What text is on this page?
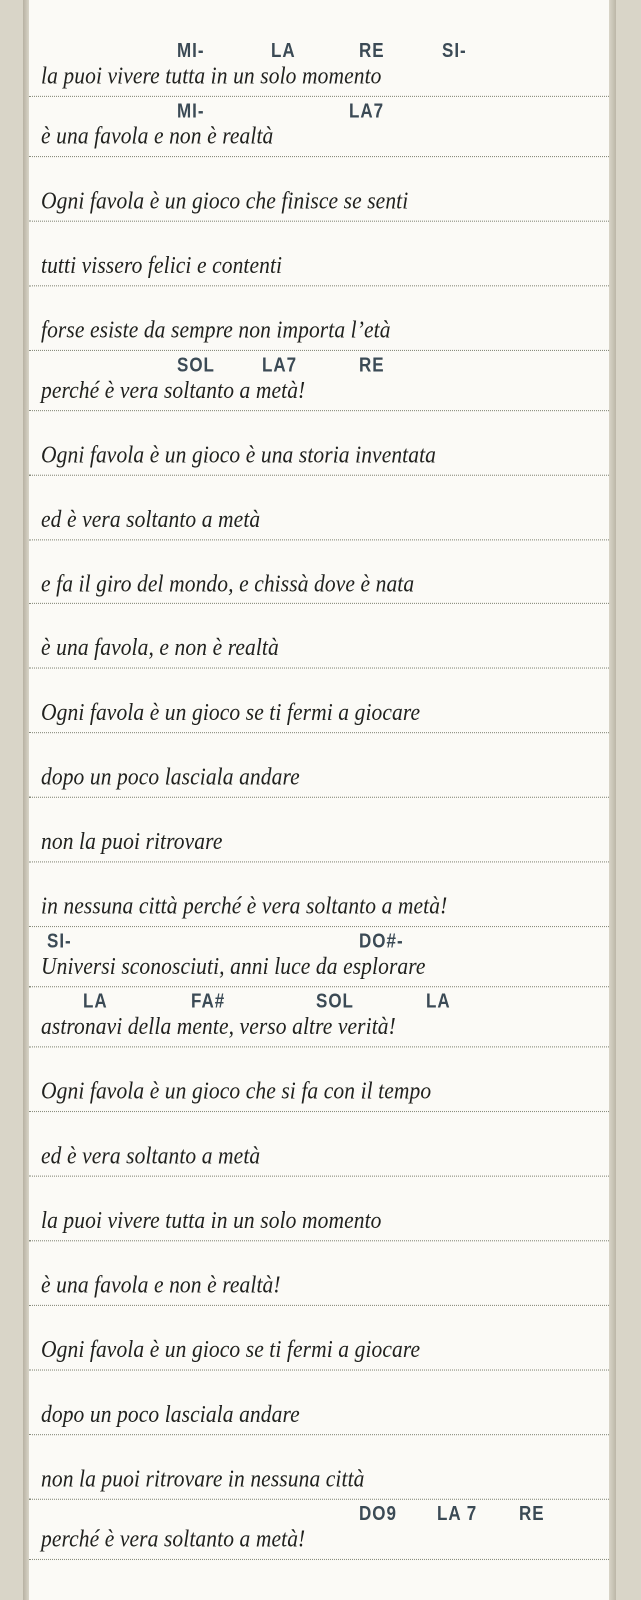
MI-	LA	RE	SI-
la puoi vivere tutta in un solo momento
MI-	LA7
è una favola e non è realtà
Ogni favola è un gioco che finisce se senti
tutti vissero felici e contenti
forse esiste da sempre non importa l’età
SOL	LA7	RE
perché è vera soltanto a metà!
Ogni favola è un gioco è una storia inventata
ed è vera soltanto a metà
e fa il giro del mondo, e chissà dove è nata
è una favola, e non è realtà
Ogni favola è un gioco se ti fermi a giocare
dopo un poco lasciala andare
non la puoi ritrovare
in nessuna città perché è vera soltanto a metà!
SI-	DO#-
Universi sconosciuti, anni luce da esplorare
LA	FA#	SOL	LA
astronavi della mente, verso altre verità!
Ogni favola è un gioco che si fa con il tempo
ed è vera soltanto a metà
la puoi vivere tutta in un solo momento
è una favola e non è realtà!
Ogni favola è un gioco se ti fermi a giocare
dopo un poco lasciala andare
non la puoi ritrovare in nessuna città
DO9 LA 7 RE
perché è vera soltanto a metà!
